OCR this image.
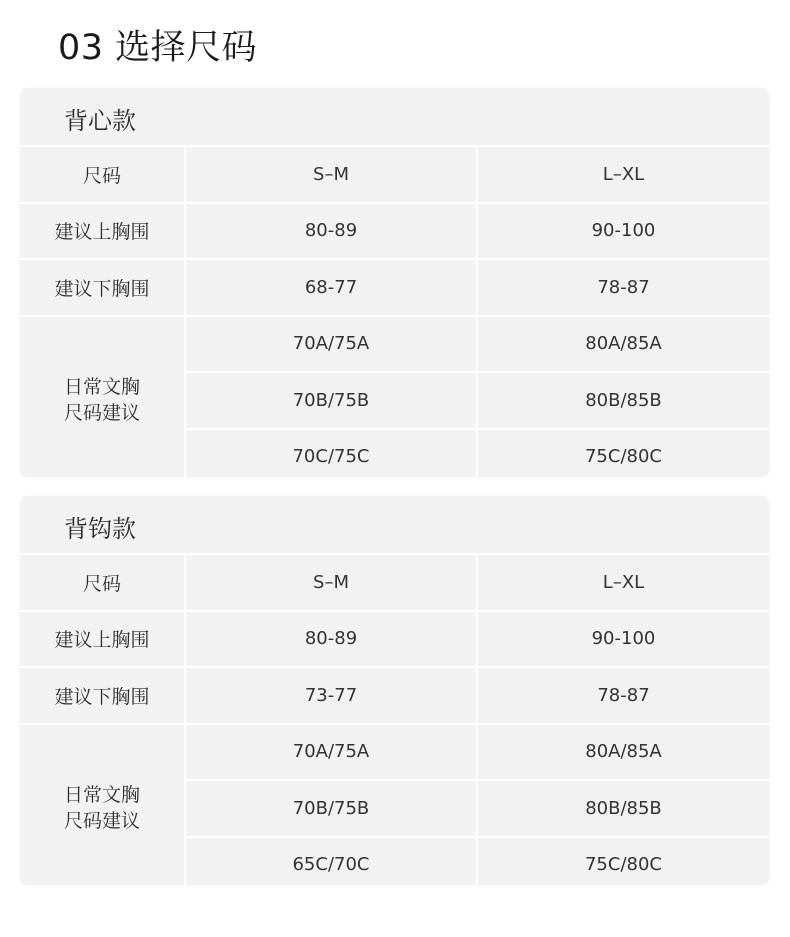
03 选择尺码
背心款
尺码	S–M	L–XL
建议上胸围	80-89	90-100
建议下胸围	68-77	78-87
日常文胸
尺码建议
70A/75A	80A/85A
70B/75B	80B/85B
70C/75C	75C/80C
背钩款
尺码	S–M	L–XL
建议上胸围	80-89	90-100
建议下胸围	73-77	78-87
日常文胸
尺码建议
70A/75A	80A/85A
70B/75B	80B/85B
65C/70C	75C/80C
